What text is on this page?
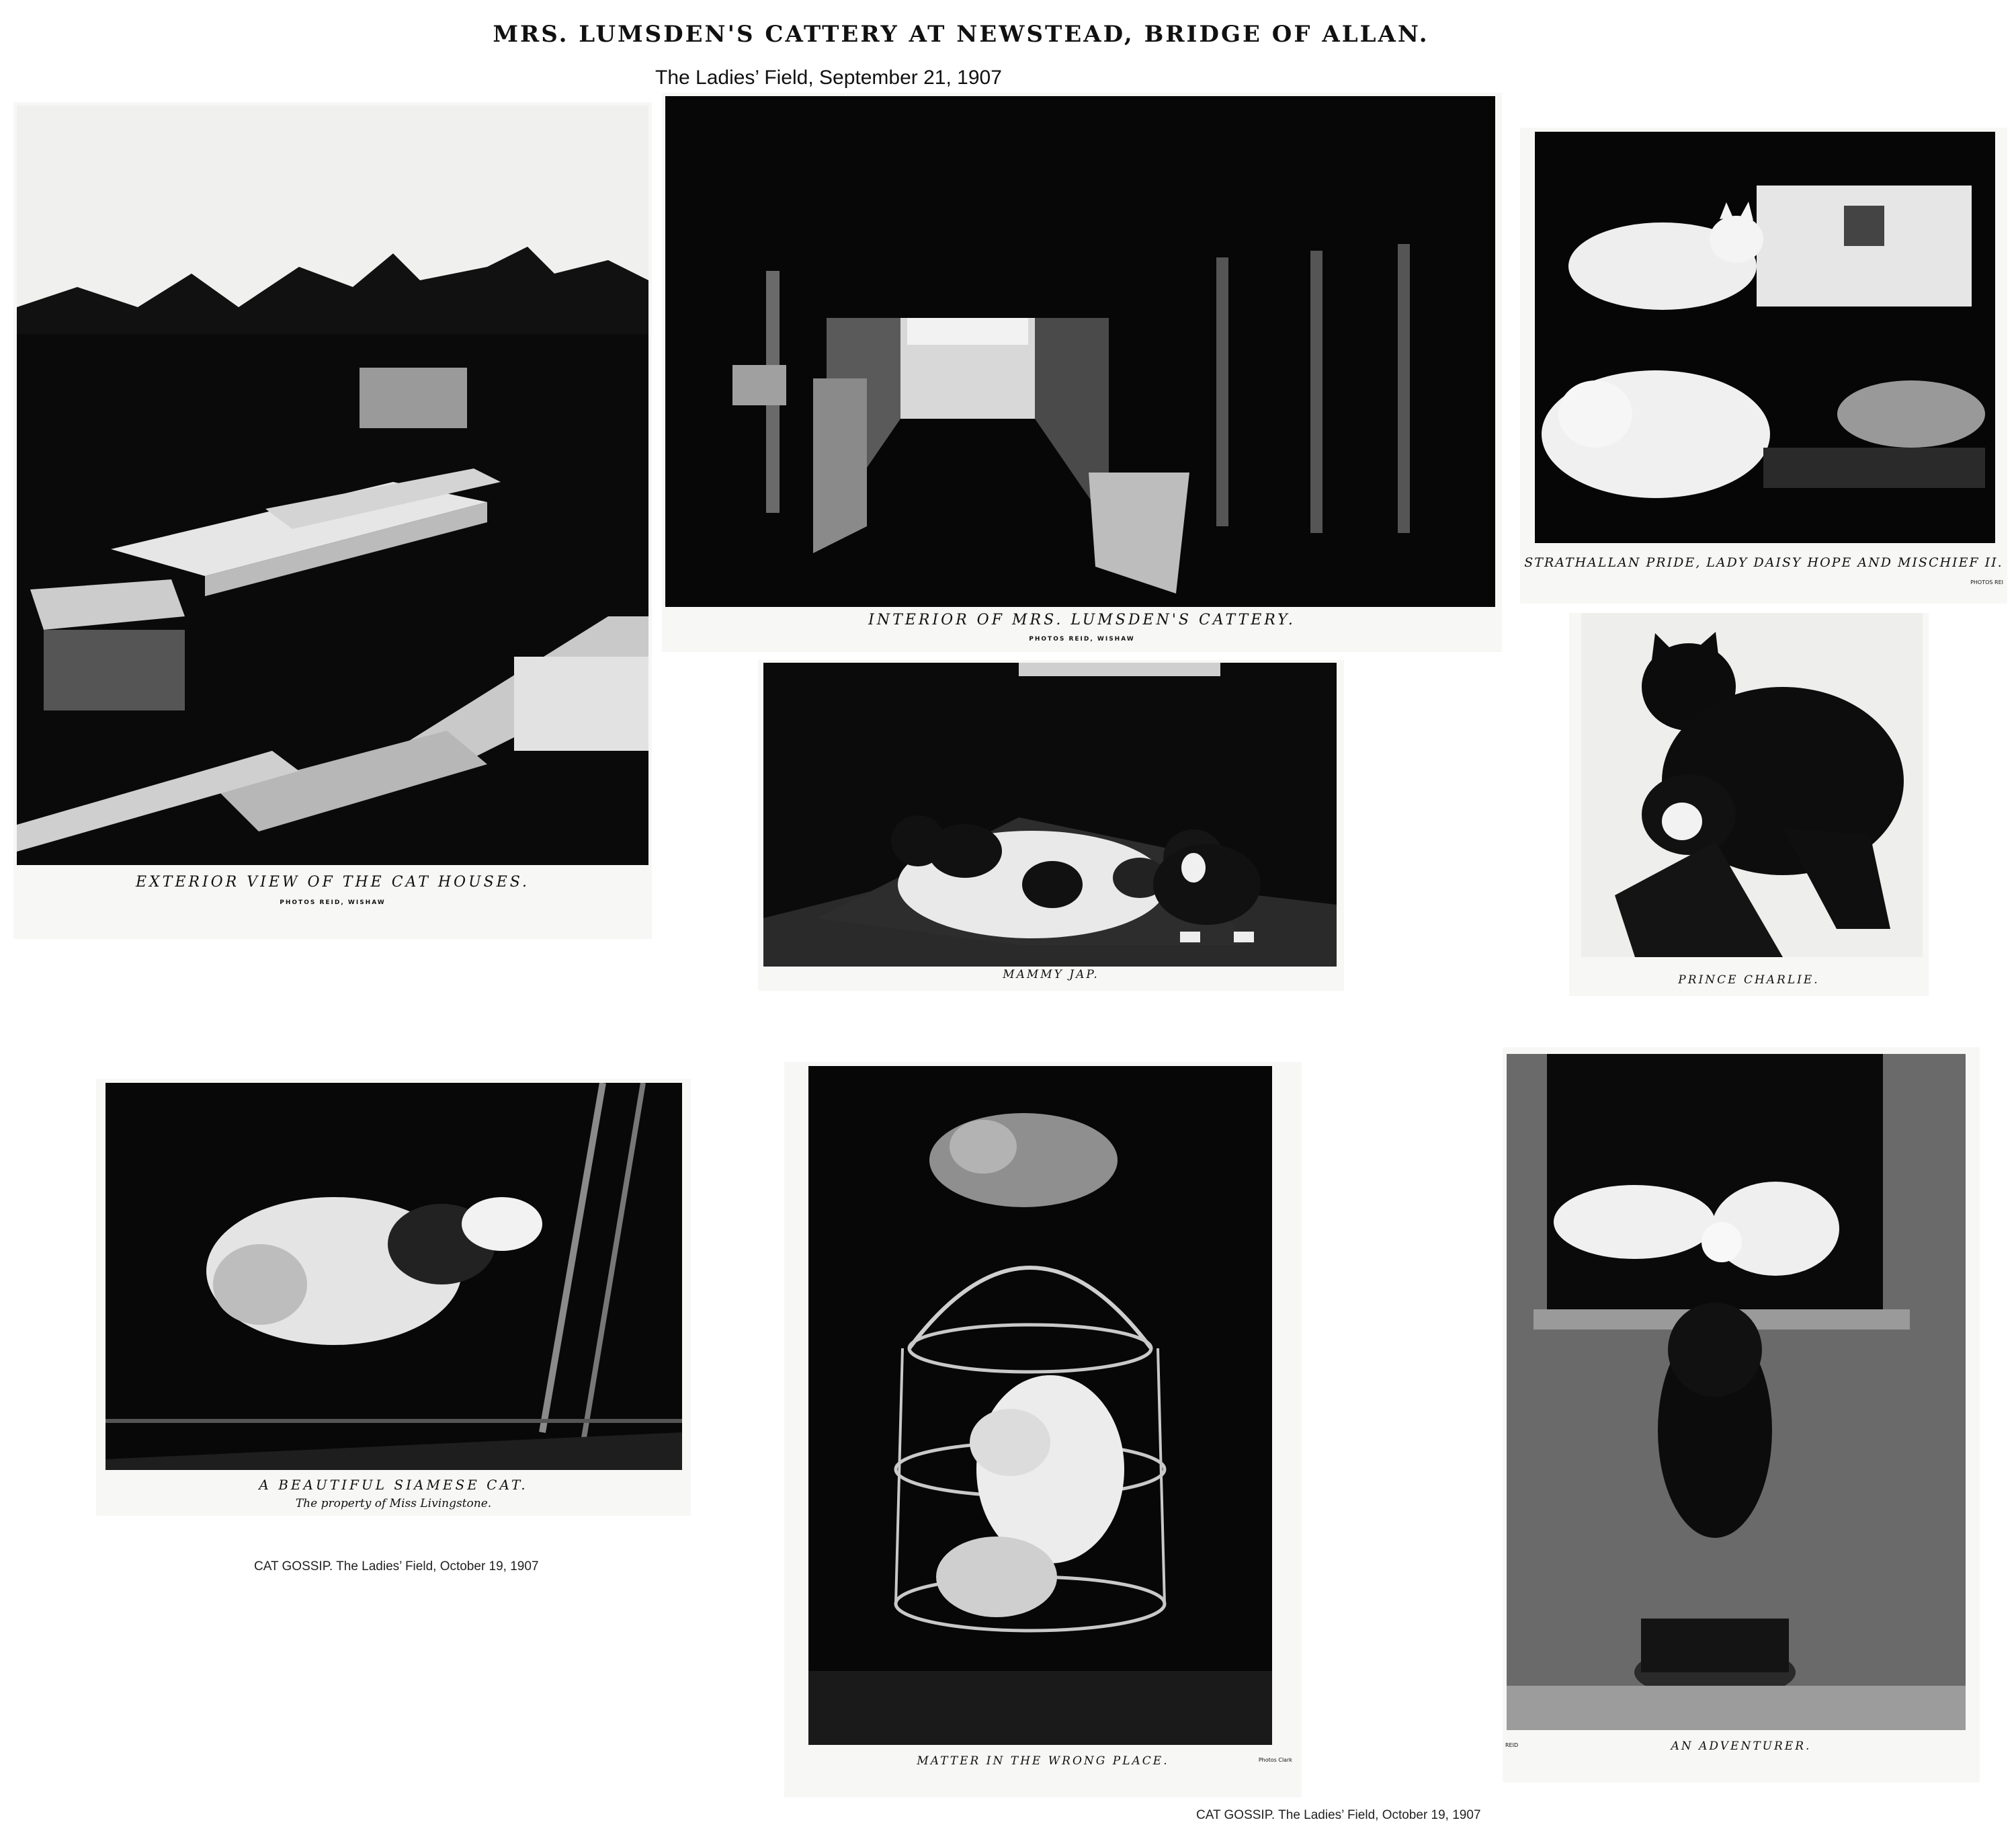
MRS. LUMSDEN'S CATTERY AT NEWSTEAD, BRIDGE OF ALLAN.
The Ladies’ Field, September 21, 1907
EXTERIOR VIEW OF THE CAT HOUSES.
PHOTOS REID, WISHAW
INTERIOR OF MRS. LUMSDEN'S CATTERY.
PHOTOS REID, WISHAW
STRATHALLAN PRIDE, LADY DAISY HOPE AND MISCHIEF II.
PHOTOS REI
MAMMY JAP.	PRINCE CHARLIE.
A BEAUTIFUL SIAMESE CAT.
The property of Miss Livingstone.
CAT GOSSIP. The Ladies’ Field, October 19, 1907
MATTER IN THE WRONG PLACE.	Photos Clark
CAT GOSSIP. The Ladies’ Field, October 19, 1907
AN ADVENTURER.
REID
